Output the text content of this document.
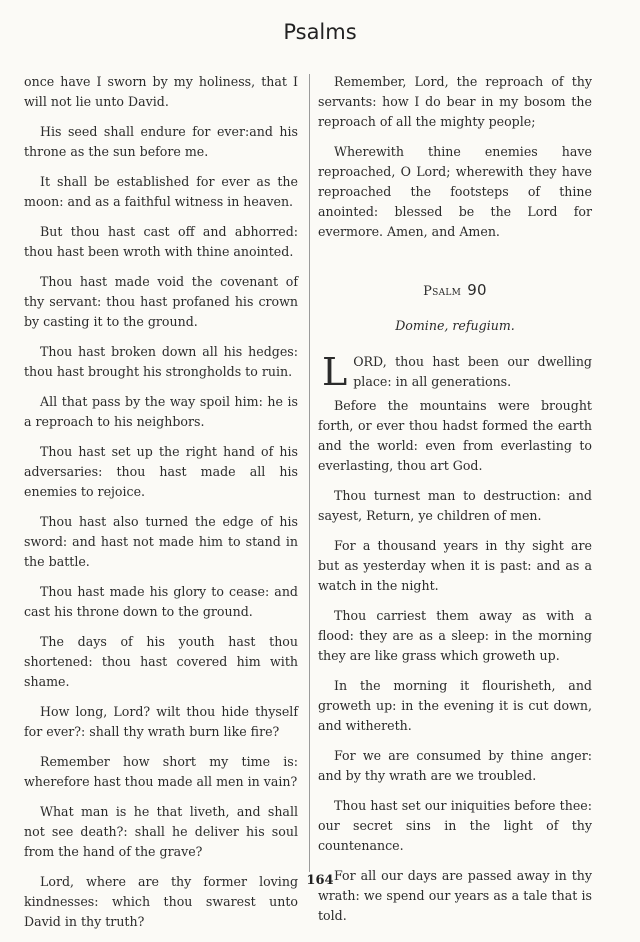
Psalms

once have I sworn by my holiness, that I will not lie unto David.

His seed shall endure for ever:and his throne as the sun before me.

It shall be established for ever as the moon: and as a faithful witness in heaven.

But thou hast cast off and abhorred: thou hast been wroth with thine anointed.

Thou hast made void the covenant of thy servant: thou hast profaned his crown by casting it to the ground.

Thou hast broken down all his hedges: thou hast brought his strongholds to ruin.

All that pass by the way spoil him: he is a reproach to his neighbors.

Thou hast set up the right hand of his adversaries: thou hast made all his enemies to rejoice.

Thou hast also turned the edge of his sword: and hast not made him to stand in the battle.

Thou hast made his glory to cease: and cast his throne down to the ground.

The days of his youth hast thou shortened: thou hast covered him with shame.

How long, Lord? wilt thou hide thyself for ever?: shall thy wrath burn like fire?

Remember how short my time is: wherefore hast thou made all men in vain?

What man is he that liveth, and shall not see death?: shall he deliver his soul from the hand of the grave?

Lord, where are thy former loving kindnesses: which thou swarest unto David in thy truth?

Remember, Lord, the reproach of thy servants: how I do bear in my bosom the reproach of all the mighty people;

Wherewith thine enemies have reproached, O Lord; wherewith they have reproached the footsteps of thine anointed: blessed be the Lord for evermore. Amen, and Amen.

Psalm 90
Domine, refugium.

LORD, thou hast been our dwelling place: in all generations.

Before the mountains were brought forth, or ever thou hadst formed the earth and the world: even from everlasting to everlasting, thou art God.

Thou turnest man to destruction: and sayest, Return, ye children of men.

For a thousand years in thy sight are but as yesterday when it is past: and as a watch in the night.

Thou carriest them away as with a flood: they are as a sleep: in the morning they are like grass which groweth up.

In the morning it flourisheth, and groweth up: in the evening it is cut down, and withereth.

For we are consumed by thine anger: and by thy wrath are we troubled.

Thou hast set our iniquities before thee: our secret sins in the light of thy countenance.

For all our days are passed away in thy wrath: we spend our years as a tale that is told.

164
